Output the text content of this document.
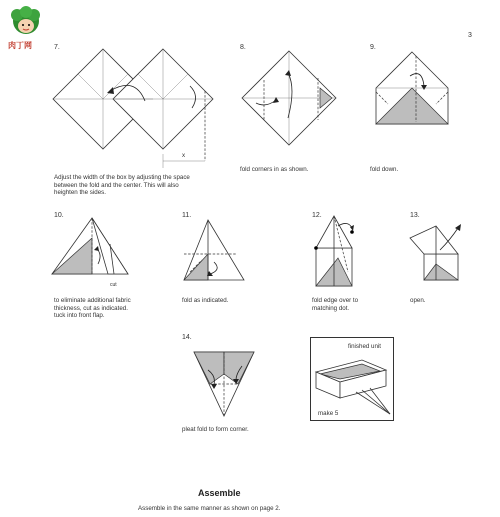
肉丁网
3
7.
x
Adjust the width of the box by adjusting the space
between the fold and the center. This will also
heighten the sides.
8.
fold corners in as shown.
9.
fold down.
10.
cut
to eliminate additional fabric
thickness, cut as indicated.
tuck into front flap.
11.
fold as indicated.
12.
fold edge over to
matching dot.
13.
open.
14.
pleat fold to form corner.
finished unit
make 5
Assemble
Assemble in the same manner as shown on page 2.
